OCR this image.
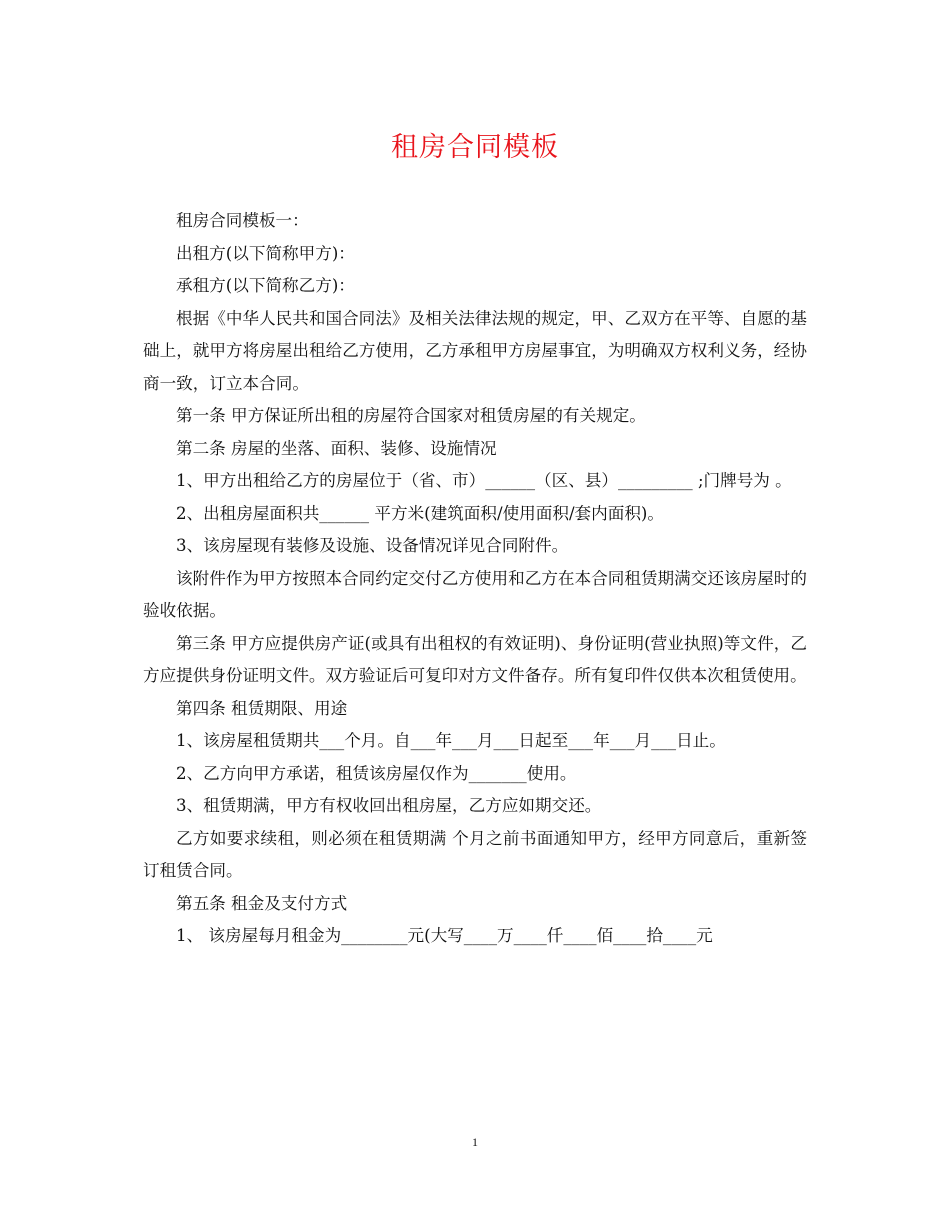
租房合同模板

租房合同模板一：

出租方(以下简称甲方)：

承租方(以下简称乙方)：

根据《中华人民共和国合同法》及相关法律法规的规定，甲、乙双方在平等、自愿的基础上，就甲方将房屋出租给乙方使用，乙方承租甲方房屋事宜，为明确双方权利义务，经协商一致，订立本合同。

第一条 甲方保证所出租的房屋符合国家对租赁房屋的有关规定。

第二条 房屋的坐落、面积、装修、设施情况

1、甲方出租给乙方的房屋位于（省、市）______（区、县）_________ ;门牌号为 。

2、出租房屋面积共______ 平方米(建筑面积/使用面积/套内面积)。

3、该房屋现有装修及设施、设备情况详见合同附件。

该附件作为甲方按照本合同约定交付乙方使用和乙方在本合同租赁期满交还该房屋时的验收依据。

第三条 甲方应提供房产证(或具有出租权的有效证明)、身份证明(营业执照)等文件，乙方应提供身份证明文件。双方验证后可复印对方文件备存。所有复印件仅供本次租赁使用。

第四条 租赁期限、用途

1、该房屋租赁期共___个月。自___年___月___日起至___年___月___日止。

2、乙方向甲方承诺，租赁该房屋仅作为_______使用。

3、租赁期满，甲方有权收回出租房屋，乙方应如期交还。

乙方如要求续租，则必须在租赁期满 个月之前书面通知甲方，经甲方同意后，重新签订租赁合同。

第五条 租金及支付方式

1、 该房屋每月租金为________元(大写____万____仟____佰____拾____元

1
